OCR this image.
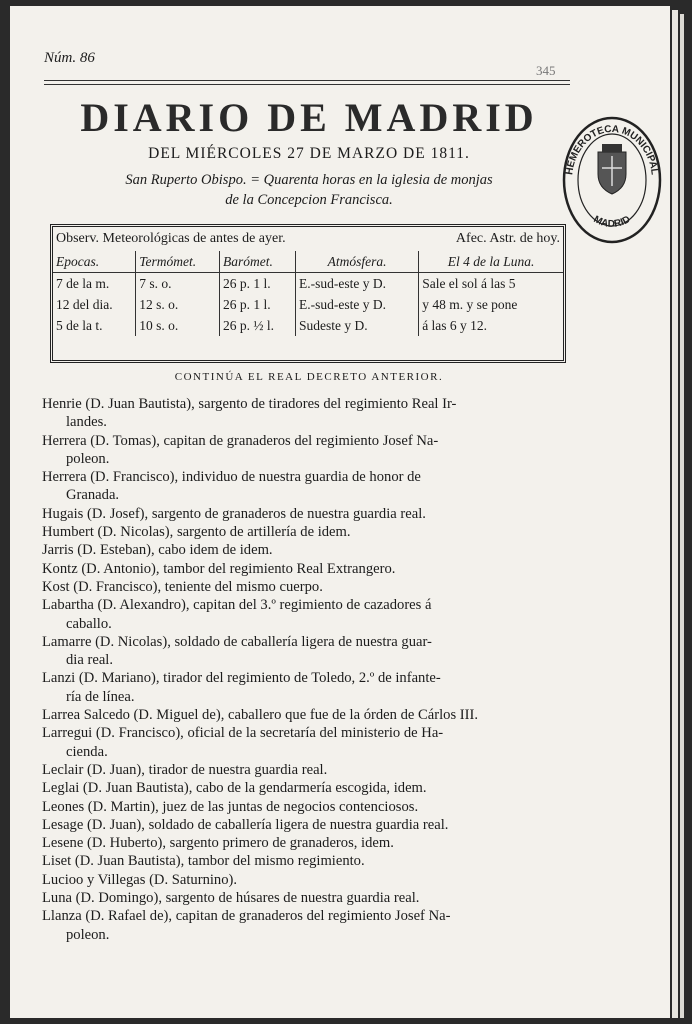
Núm. 86
345
DIARIO DE MADRID
DEL MIÉRCOLES 27 DE MARZO DE 1811.
San Ruperto Obispo. = Quarenta horas en la iglesia de monjas
de la Concepcion Francisca.
HEMEROTECA MUNICIPAL
MADRID
Observ. Meteorológicas de antes de ayer.				Afec. Astr. de hoy.
Epocas.	Termómet.	Barómet.	Atmósfera.	El 4 de la Luna.
7 de la m.	7 s. o.	26 p. 1 l.	E.-sud-este y D.	Sale el sol á las 5
12 del dia.	12 s. o.	26 p. 1 l.	E.-sud-este y D.	y 48 m. y se pone
5 de la t.	10 s. o.	26 p. ½ l.	Sudeste y D.	á las 6 y 12.
CONTINÚA EL REAL DECRETO ANTERIOR.
Henrie (D. Juan Bautista), sargento de tiradores del regimiento Real Ir-
landes.
Herrera (D. Tomas), capitan de granaderos del regimiento Josef Na-
poleon.
Herrera (D. Francisco), individuo de nuestra guardia de honor de
Granada.
Hugais (D. Josef), sargento de granaderos de nuestra guardia real.
Humbert (D. Nicolas), sargento de artillería de idem.
Jarris (D. Esteban), cabo idem de idem.
Kontz (D. Antonio), tambor del regimiento Real Extrangero.
Kost (D. Francisco), teniente del mismo cuerpo.
Labartha (D. Alexandro), capitan del 3.º regimiento de cazadores á
caballo.
Lamarre (D. Nicolas), soldado de caballería ligera de nuestra guar-
dia real.
Lanzi (D. Mariano), tirador del regimiento de Toledo, 2.º de infante-
ría de línea.
Larrea Salcedo (D. Miguel de), caballero que fue de la órden de Cárlos III.
Larregui (D. Francisco), oficial de la secretaría del ministerio de Ha-
cienda.
Leclair (D. Juan), tirador de nuestra guardia real.
Leglai (D. Juan Bautista), cabo de la gendarmería escogida, idem.
Leones (D. Martin), juez de las juntas de negocios contenciosos.
Lesage (D. Juan), soldado de caballería ligera de nuestra guardia real.
Lesene (D. Huberto), sargento primero de granaderos, idem.
Liset (D. Juan Bautista), tambor del mismo regimiento.
Lucioo y Villegas (D. Saturnino).
Luna (D. Domingo), sargento de húsares de nuestra guardia real.
Llanza (D. Rafael de), capitan de granaderos del regimiento Josef Na-
poleon.
